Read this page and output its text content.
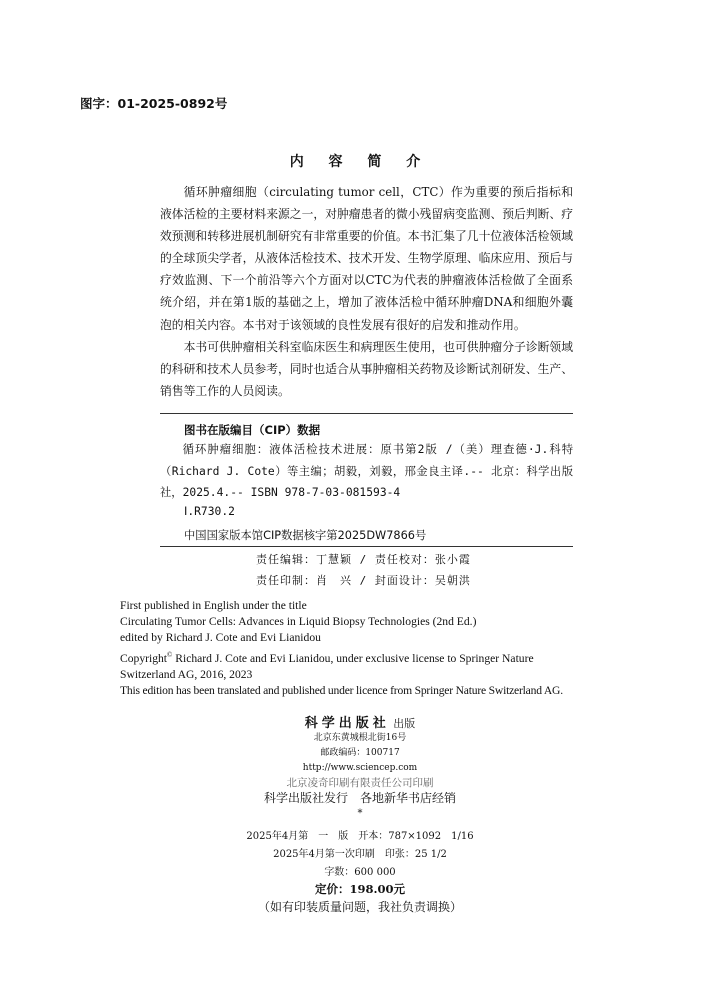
图字：01-2025-0892号
内 容 简 介

循环肿瘤细胞（circulating tumor cell，CTC）作为重要的预后指标和液体活检的主要材料来源之一，对肿瘤患者的微小残留病变监测、预后判断、疗效预测和转移进展机制研究有非常重要的价值。本书汇集了几十位液体活检领域的全球顶尖学者，从液体活检技术、技术开发、生物学原理、临床应用、预后与疗效监测、下一个前沿等六个方面对以CTC为代表的肿瘤液体活检做了全面系统介绍，并在第1版的基础之上，增加了液体活检中循环肿瘤DNA和细胞外囊泡的相关内容。本书对于该领域的良性发展有很好的启发和推动作用。

本书可供肿瘤相关科室临床医生和病理医生使用，也可供肿瘤分子诊断领域的科研和技术人员参考，同时也适合从事肿瘤相关药物及诊断试剂研发、生产、销售等工作的人员阅读。

图书在版编目（CIP）数据
循环肿瘤细胞：液体活检技术进展：原书第2版 /（美）理查德·J.科特（Richard J. Cote）等主编；胡毅，刘毅，邢金良主译.-- 北京：科学出版社，2025.4.-- ISBN 978-7-03-081593-4
Ⅰ.R730.2
中国国家版本馆CIP数据核字第2025DW7866号
责任编辑：丁慧颖 / 责任校对：张小霞
责任印制：肖　兴 / 封面设计：吴朝洪
First published in English under the title
Circulating Tumor Cells: Advances in Liquid Biopsy Technologies (2nd Ed.)
edited by Richard J. Cote and Evi Lianidou
Copyright© Richard J. Cote and Evi Lianidou, under exclusive license to Springer Nature
Switzerland AG, 2016, 2023
This edition has been translated and published under licence from Springer Nature Switzerland AG.
科学出版社 出版
北京东黄城根北街16号
邮政编码：100717
http://www.sciencep.com
北京凌奇印刷有限责任公司印刷
科学出版社发行　各地新华书店经销
*
2025年4月第　一　版　开本：787×1092　1/16
2025年4月第一次印刷　印张：25 1/2
字数：600 000
定价：198.00元
（如有印装质量问题，我社负责调换）
